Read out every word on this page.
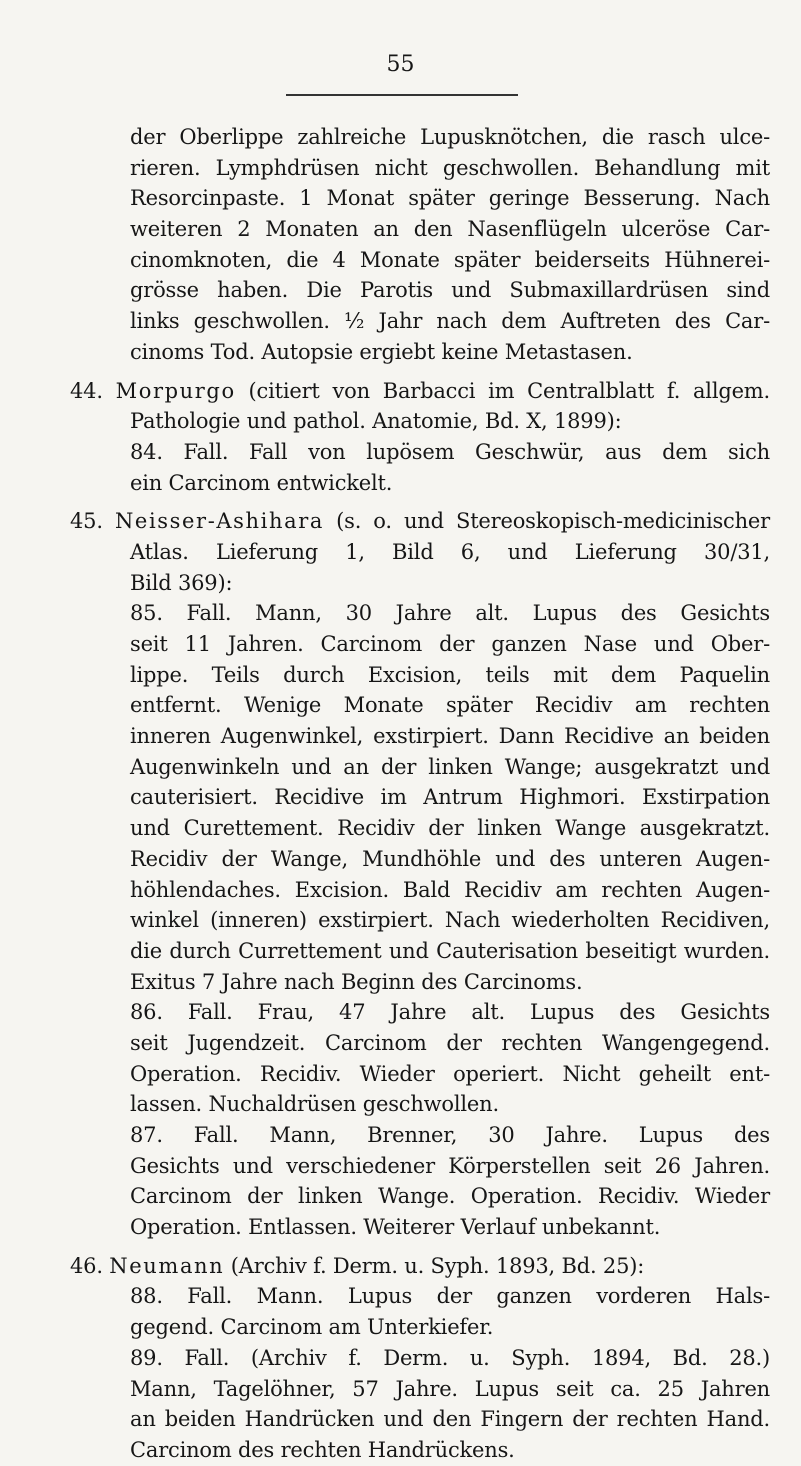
55
der Oberlippe zahlreiche Lupusknötchen, die rasch ulce-
rieren. Lymphdrüsen nicht geschwollen. Behandlung mit
Resorcinpaste. 1 Monat später geringe Besserung. Nach
weiteren 2 Monaten an den Nasenflügeln ulceröse Car-
cinomknoten, die 4 Monate später beiderseits Hühnerei-
grösse haben. Die Parotis und Submaxillardrüsen sind
links geschwollen. ½ Jahr nach dem Auftreten des Car-
cinoms Tod. Autopsie ergiebt keine Metastasen.
44. Morpurgo (citiert von Barbacci im Centralblatt f. allgem.
Pathologie und pathol. Anatomie, Bd. X, 1899):
84. Fall. Fall von lupösem Geschwür, aus dem sich
ein Carcinom entwickelt.
45. Neisser-Ashihara (s. o. und Stereoskopisch-medicinischer
Atlas. Lieferung 1, Bild 6, und Lieferung 30/31,
Bild 369):
85. Fall. Mann, 30 Jahre alt. Lupus des Gesichts
seit 11 Jahren. Carcinom der ganzen Nase und Ober-
lippe. Teils durch Excision, teils mit dem Paquelin
entfernt. Wenige Monate später Recidiv am rechten
inneren Augenwinkel, exstirpiert. Dann Recidive an beiden
Augenwinkeln und an der linken Wange; ausgekratzt und
cauterisiert. Recidive im Antrum Highmori. Exstirpation
und Curettement. Recidiv der linken Wange ausgekratzt.
Recidiv der Wange, Mundhöhle und des unteren Augen-
höhlendaches. Excision. Bald Recidiv am rechten Augen-
winkel (inneren) exstirpiert. Nach wiederholten Recidiven,
die durch Currettement und Cauterisation beseitigt wurden.
Exitus 7 Jahre nach Beginn des Carcinoms.
86. Fall. Frau, 47 Jahre alt. Lupus des Gesichts
seit Jugendzeit. Carcinom der rechten Wangengegend.
Operation. Recidiv. Wieder operiert. Nicht geheilt ent-
lassen. Nuchaldrüsen geschwollen.
87. Fall. Mann, Brenner, 30 Jahre. Lupus des
Gesichts und verschiedener Körperstellen seit 26 Jahren.
Carcinom der linken Wange. Operation. Recidiv. Wieder
Operation. Entlassen. Weiterer Verlauf unbekannt.
46. Neumann (Archiv f. Derm. u. Syph. 1893, Bd. 25):
88. Fall. Mann. Lupus der ganzen vorderen Hals-
gegend. Carcinom am Unterkiefer.
89. Fall. (Archiv f. Derm. u. Syph. 1894, Bd. 28.)
Mann, Tagelöhner, 57 Jahre. Lupus seit ca. 25 Jahren
an beiden Handrücken und den Fingern der rechten Hand.
Carcinom des rechten Handrückens.
